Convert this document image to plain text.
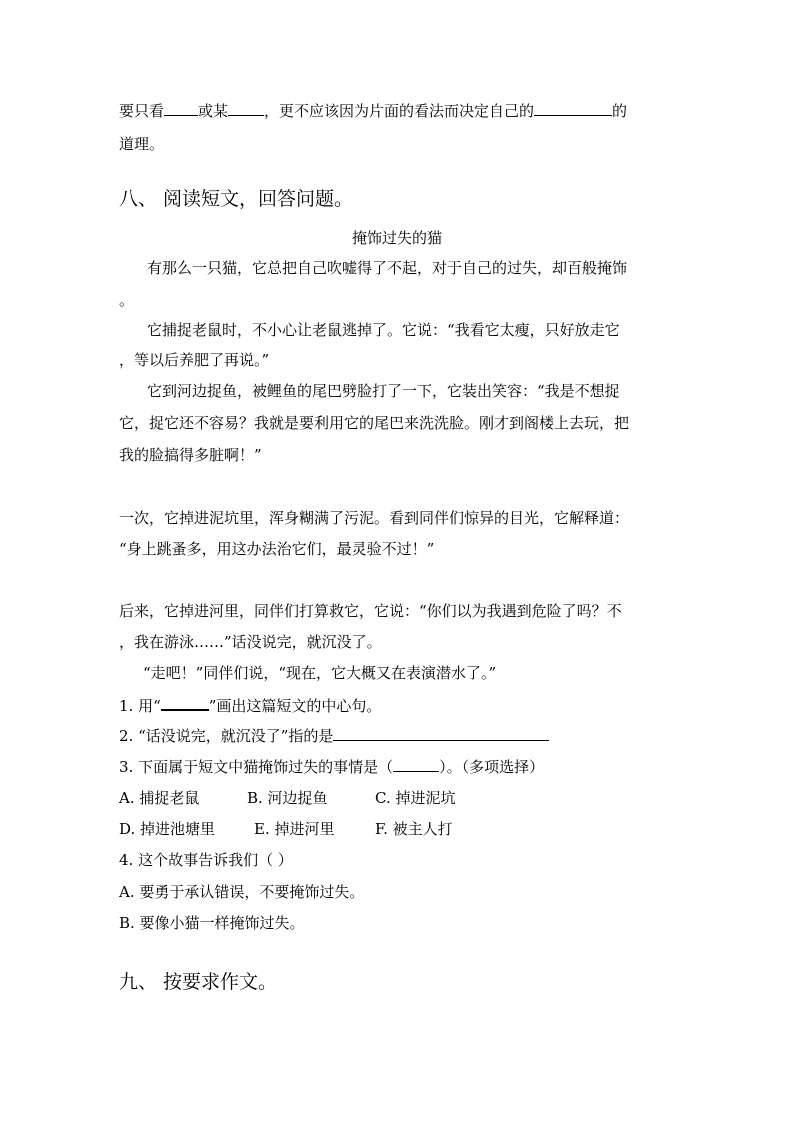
要只看 或某 ，更不应该因为片面的看法而决定自己的	的
道理。
八、 阅读短文，回答问题。
掩饰过失的猫
有那么一只猫，它总把自己吹嘘得了不起，对于自己的过失，却百般掩饰
。
它捕捉老鼠时，不小心让老鼠逃掉了。它说：“我看它太瘦，只好放走它
，等以后养肥了再说。”
它到河边捉鱼，被鲤鱼的尾巴劈脸打了一下，它装出笑容：“我是不想捉
它，捉它还不容易？我就是要利用它的尾巴来洗洗脸。刚才到阁楼上去玩，把
我的脸搞得多脏啊！”
一次，它掉进泥坑里，浑身糊满了污泥。看到同伴们惊异的目光，它解释道：
“身上跳蚤多，用这办法治它们，最灵验不过！”
后来，它掉进河里，同伴们打算救它，它说：“你们以为我遇到危险了吗？不
，我在游泳……”话没说完，就沉没了。
“走吧！”同伴们说，“现在，它大概又在表演潜水了。”
1. 用“	”画出这篇短文的中心句。
2. “话没说完，就沉没了”指的是
3. 下面属于短文中猫掩饰过失的事情是（	）。（多项选择）
A. 捕捉老鼠	B. 河边捉鱼	C. 掉进泥坑
D. 掉进池塘里	E. 掉进河里	F. 被主人打
4. 这个故事告诉我们（ ）
A. 要勇于承认错误，不要掩饰过失。
B. 要像小猫一样掩饰过失。
九、 按要求作文。
